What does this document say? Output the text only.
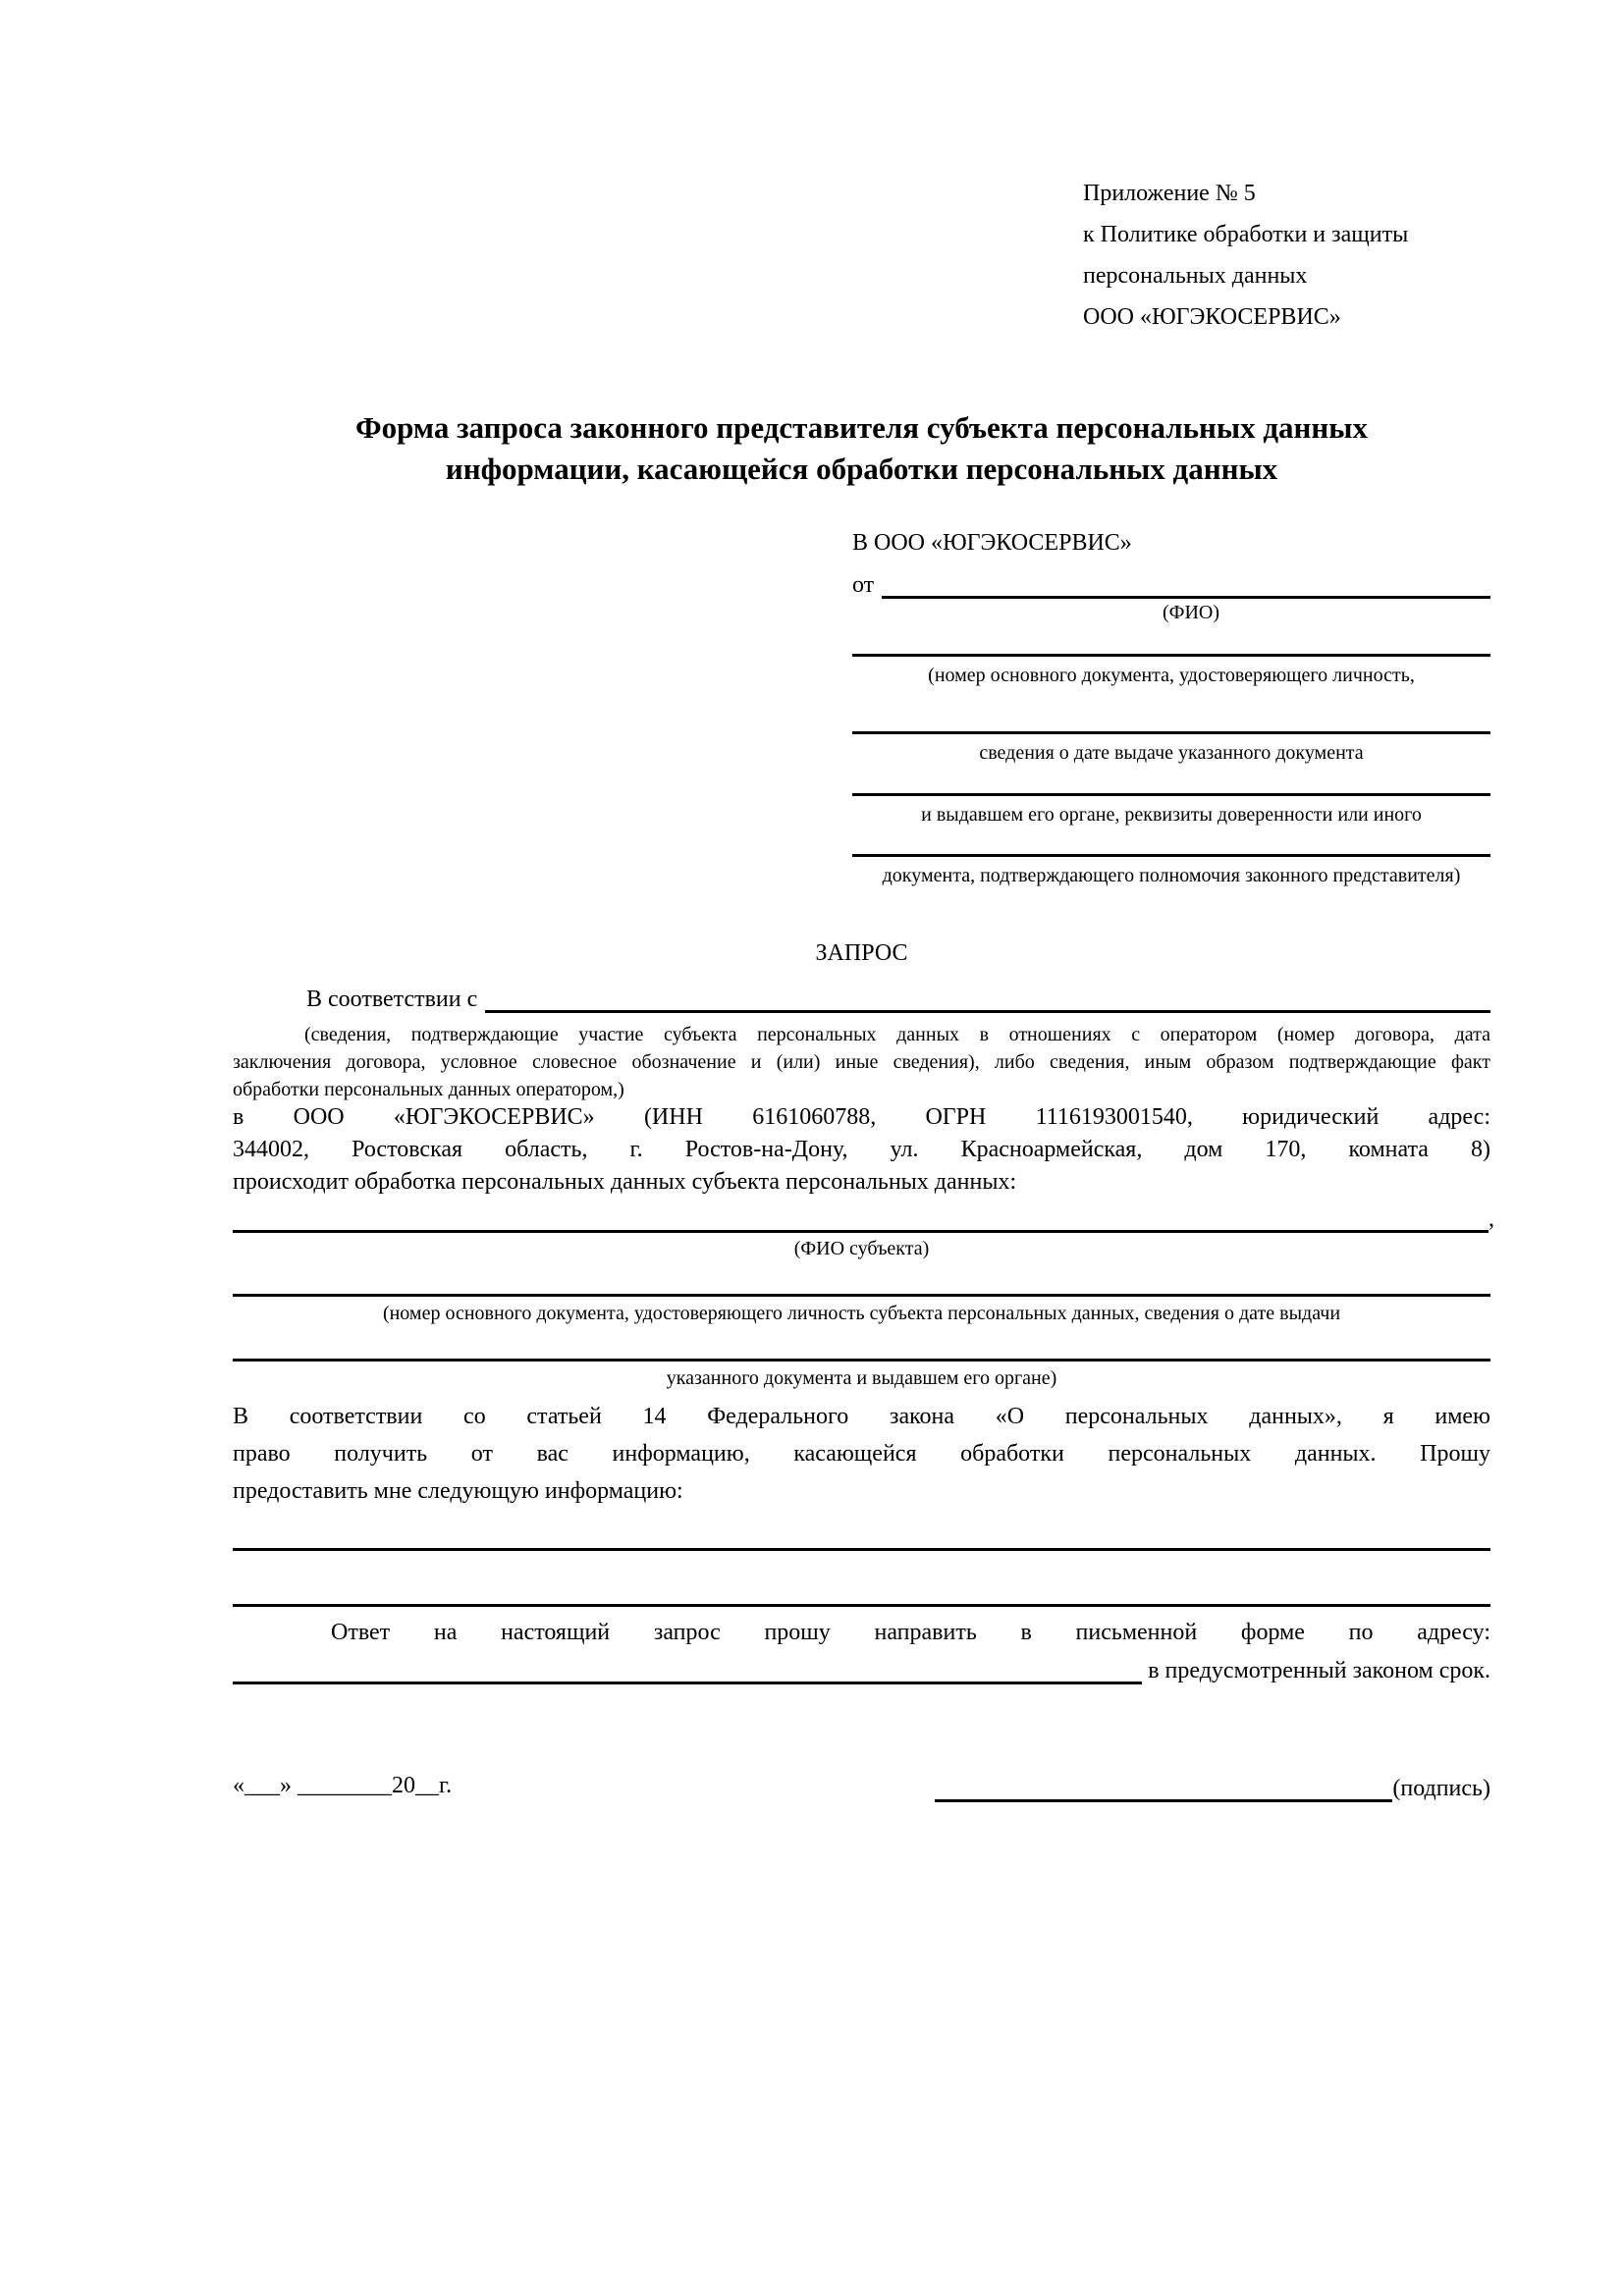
Приложение № 5
к Политике обработки и защиты
персональных данных
ООО «ЮГЭКОСЕРВИС»
Форма запроса законного представителя субъекта персональных данных
информации, касающейся обработки персональных данных
В ООО «ЮГЭКОСЕРВИС»
от
(ФИО)
(номер основного документа, удостоверяющего личность,
сведения о дате выдаче указанного документа
и выдавшем его органе, реквизиты доверенности или иного
документа, подтверждающего полномочия законного представителя)
ЗАПРОС
В соответствии с
(сведения, подтверждающие участие субъекта персональных данных в отношениях с оператором (номер договора, дата
заключения договора, условное словесное обозначение и (или) иные сведения), либо сведения, иным образом подтверждающие факт
обработки персональных данных оператором,)
в ООО «ЮГЭКОСЕРВИС» (ИНН 6161060788, ОГРН 1116193001540, юридический адрес:
344002, Ростовская область, г. Ростов-на-Дону, ул. Красноармейская, дом 170, комната 8)
происходит обработка персональных данных субъекта персональных данных:
,
(ФИО субъекта)
(номер основного документа, удостоверяющего личность субъекта персональных данных, сведения о дате выдачи
указанного документа и выдавшем его органе)
В соответствии со статьей 14 Федерального закона «О персональных данных», я имею
право получить от вас информацию, касающейся обработки персональных данных. Прошу
предоставить мне следующую информацию:
Ответ на настоящий запрос прошу направить в письменной форме по адресу:
в предусмотренный законом срок.
«___» ________20__г.	(подпись)
